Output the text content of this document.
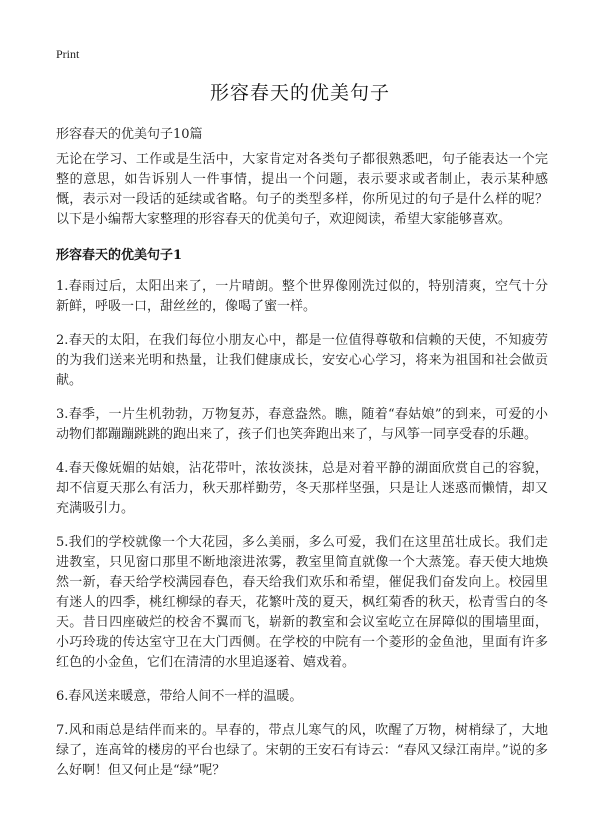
Print
形容春天的优美句子
形容春天的优美句子10篇

无论在学习、工作或是生活中，大家肯定对各类句子都很熟悉吧，句子能表达一个完整的意思，如告诉别人一件事情，提出一个问题，表示要求或者制止，表示某种感慨，表示对一段话的延续或省略。句子的类型多样，你所见过的句子是什么样的呢？以下是小编帮大家整理的形容春天的优美句子，欢迎阅读，希望大家能够喜欢。

形容春天的优美句子1

1.春雨过后，太阳出来了，一片晴朗。整个世界像刚洗过似的，特别清爽，空气十分新鲜，呼吸一口，甜丝丝的，像喝了蜜一样。

2.春天的太阳，在我们每位小朋友心中，都是一位值得尊敬和信赖的天使，不知疲劳的为我们送来光明和热量，让我们健康成长，安安心心学习，将来为祖国和社会做贡献。

3.春季，一片生机勃勃，万物复苏，春意盎然。瞧，随着“春姑娘”的到来，可爱的小动物们都蹦蹦跳跳的跑出来了，孩子们也笑奔跑出来了，与风筝一同享受春的乐趣。

4.春天像妩媚的姑娘，沾花带叶，浓妆淡抹，总是对着平静的湖面欣赏自己的容貌，却不信夏天那么有活力，秋天那样勤劳，冬天那样坚强，只是让人迷惑而懒情，却又充满吸引力。

5.我们的学校就像一个大花园，多么美丽，多么可爱，我们在这里茁壮成长。我们走进教室，只见窗口那里不断地滚进浓雾，教室里简直就像一个大蒸笼。春天使大地焕然一新，春天给学校满园春色，春天给我们欢乐和希望，催促我们奋发向上。校园里有迷人的四季，桃红柳绿的春天，花繁叶茂的夏天，枫红菊香的秋天，松青雪白的冬天。昔日四座破烂的校舍不翼而飞，崭新的教室和会议室屹立在屏障似的围墙里面，小巧玲珑的传达室守卫在大门西侧。在学校的中院有一个菱形的金鱼池，里面有许多红色的小金鱼，它们在清清的水里追逐着、嬉戏着。

6.春风送来暖意，带给人间不一样的温暖。

7.风和雨总是结伴而来的。早春的，带点儿寒气的风，吹醒了万物，树梢绿了，大地绿了，连高耸的楼房的平台也绿了。宋朝的王安石有诗云：“春风又绿江南岸。”说的多么好啊！但又何止是“绿”呢？
